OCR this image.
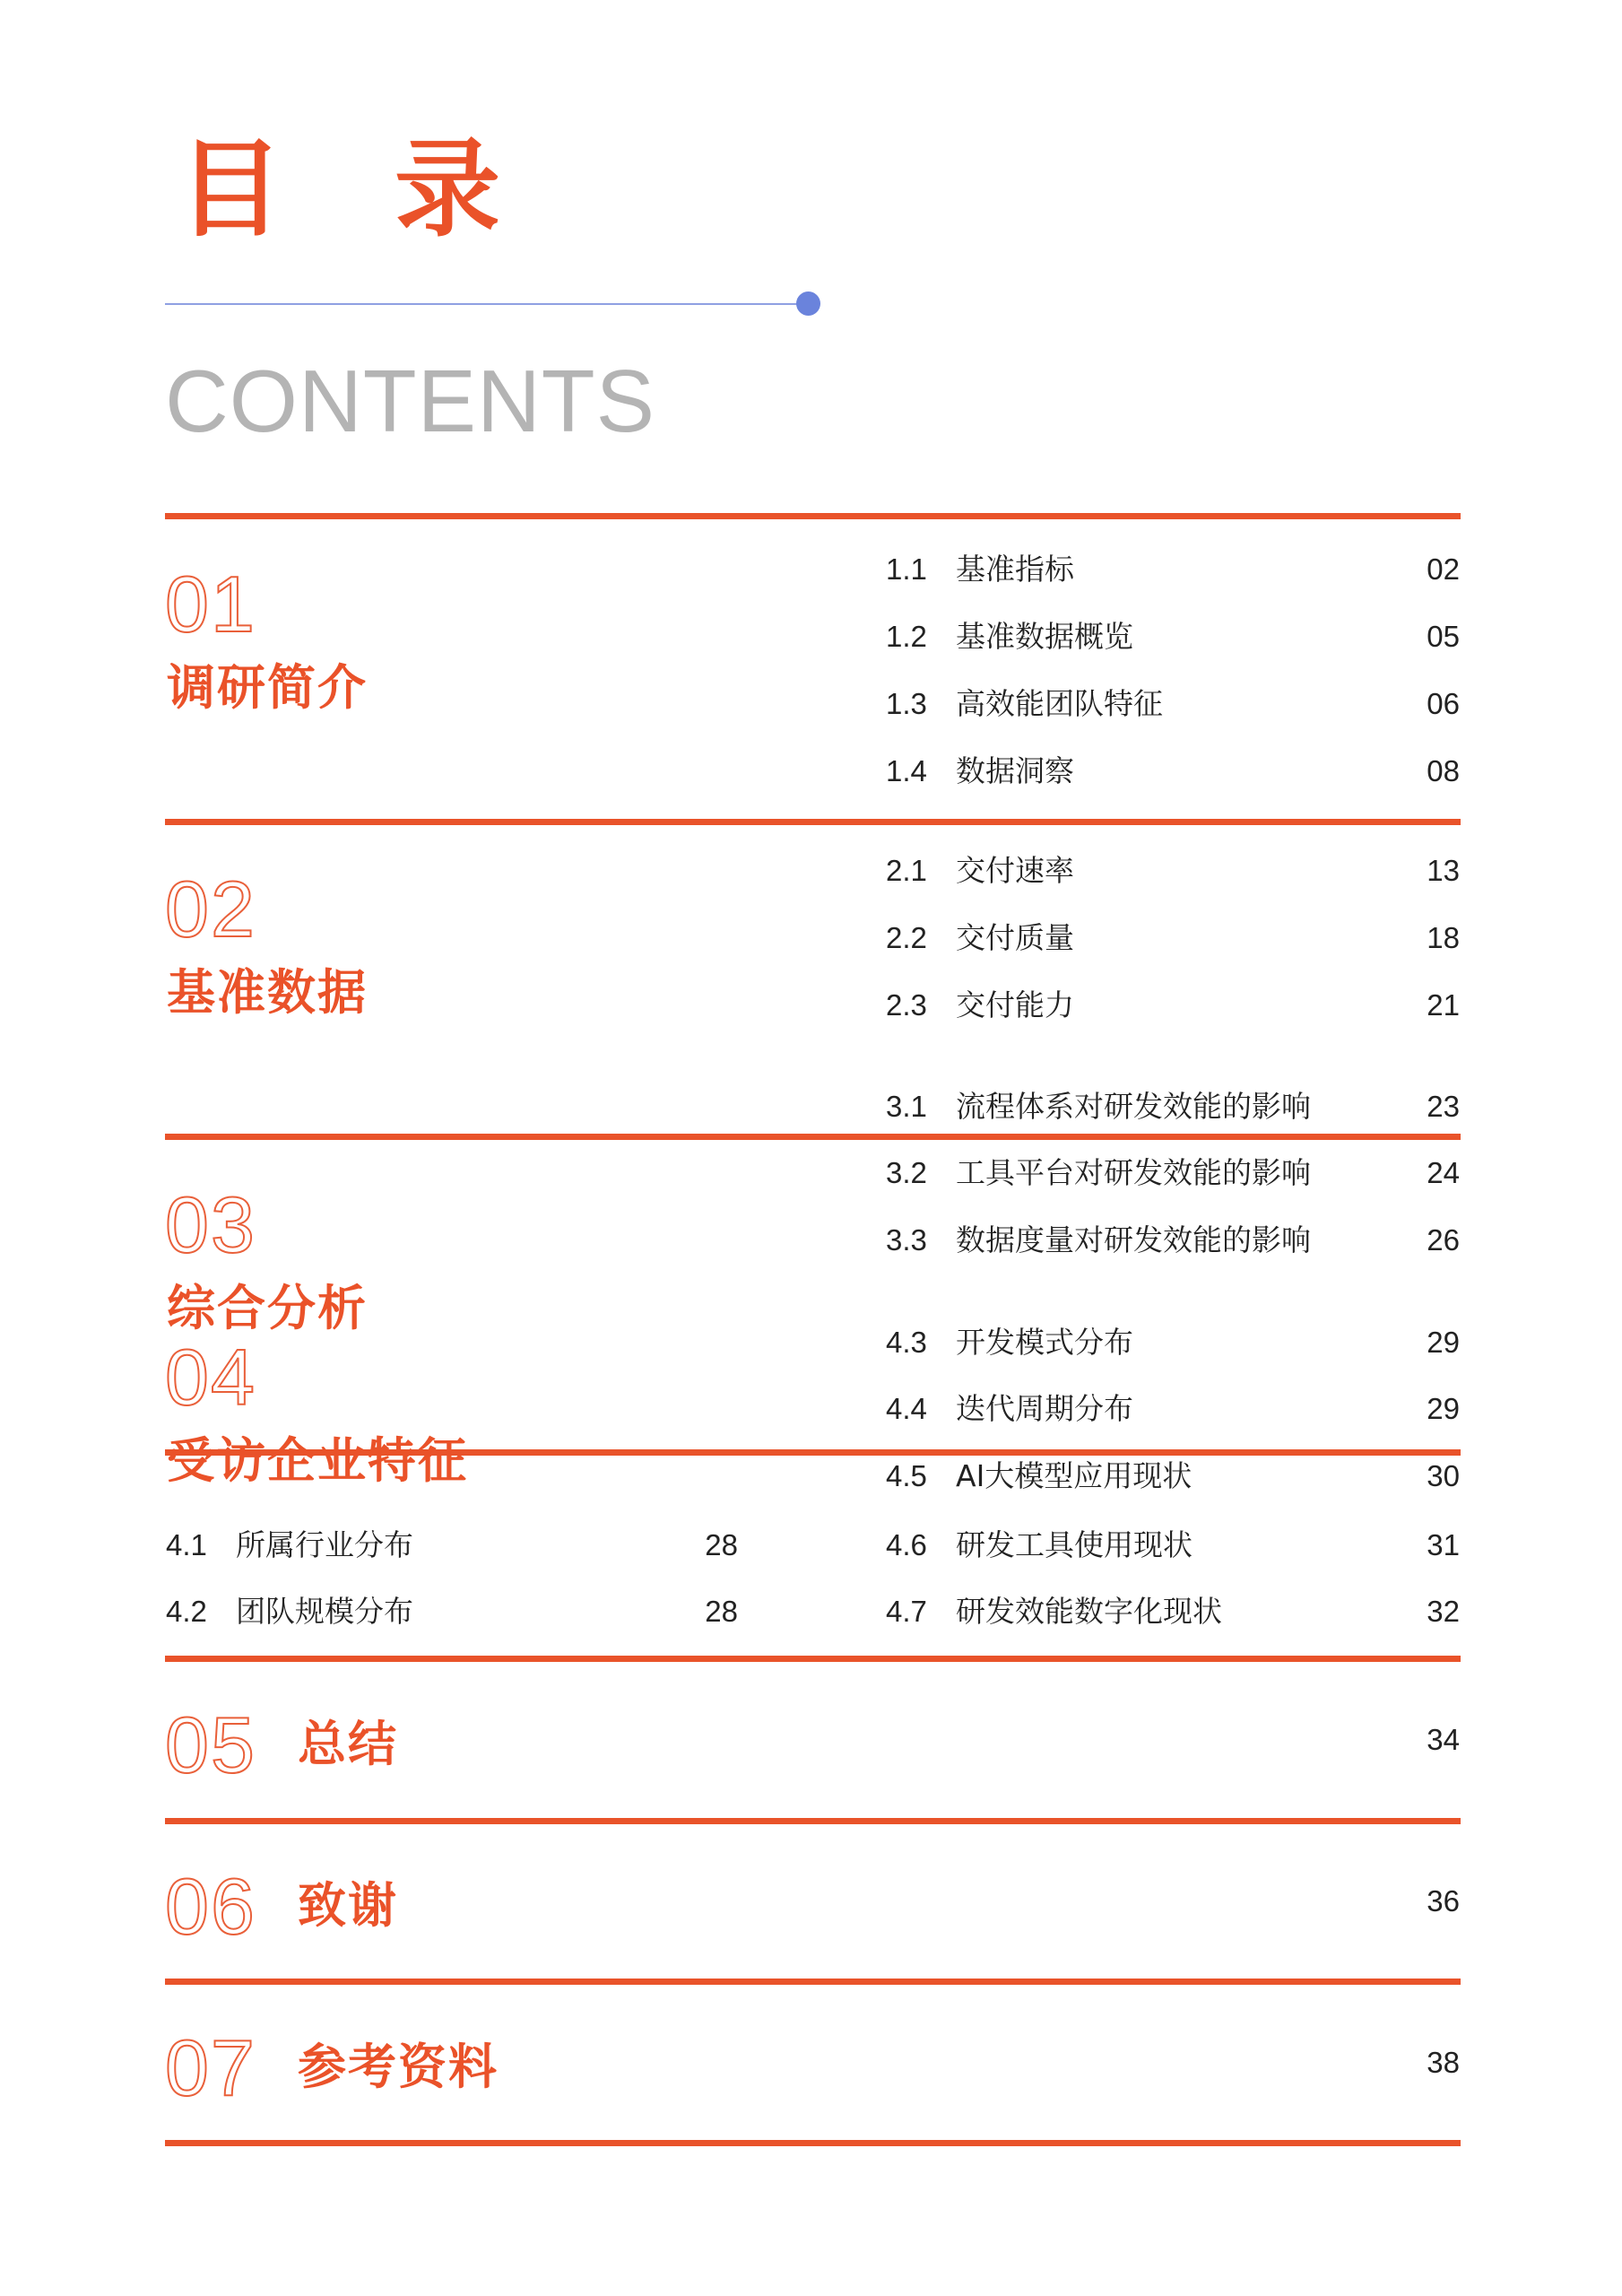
目 录
CONTENTS
01
调研简介
1.1 基准指标	02
1.2 基准数据概览	05
1.3 高效能团队特征	06
1.4 数据洞察	08
02
基准数据
2.1 交付速率	13
2.2 交付质量	18
2.3 交付能力	21
03
综合分析
3.1 流程体系对研发效能的影响	23
3.2 工具平台对研发效能的影响	24
3.3 数据度量对研发效能的影响	26
04
受访企业特征
4.1 所属行业分布	28
4.2 团队规模分布	28
4.3 开发模式分布	29
4.4 迭代周期分布	29
4.5 AI大模型应用现状	30
4.6 研发工具使用现状	31
4.7 研发效能数字化现状	32
05 总结	34
06 致谢	36
07 参考资料	38
